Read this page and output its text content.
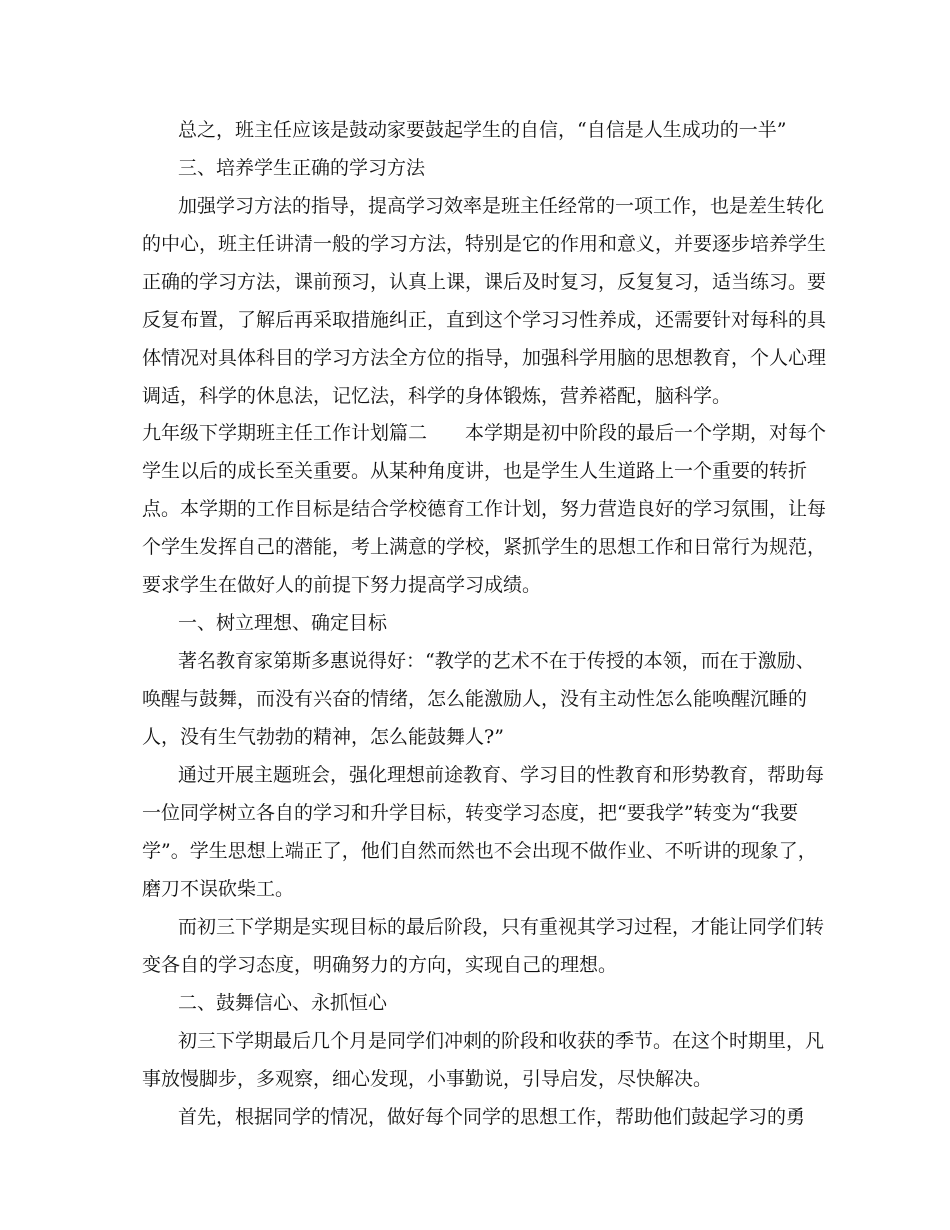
总之，班主任应该是鼓动家要鼓起学生的自信，“自信是人生成功的一半”
三、培养学生正确的学习方法
加强学习方法的指导，提高学习效率是班主任经常的一项工作，也是差生转化
的中心，班主任讲清一般的学习方法，特别是它的作用和意义，并要逐步培养学生
正确的学习方法，课前预习，认真上课，课后及时复习，反复复习，适当练习。要
反复布置，了解后再采取措施纠正，直到这个学习习性养成，还需要针对每科的具
体情况对具体科目的学习方法全方位的指导，加强科学用脑的思想教育，个人心理
调适，科学的休息法，记忆法，科学的身体锻炼，营养褡配，脑科学。
九年级下学期班主任工作计划篇二　　本学期是初中阶段的最后一个学期，对每个
学生以后的成长至关重要。从某种角度讲，也是学生人生道路上一个重要的转折
点。本学期的工作目标是结合学校德育工作计划，努力营造良好的学习氛围，让每
个学生发挥自己的潜能，考上满意的学校，紧抓学生的思想工作和日常行为规范，
要求学生在做好人的前提下努力提高学习成绩。
一、树立理想、确定目标
著名教育家第斯多惠说得好：“教学的艺术不在于传授的本领，而在于激励、
唤醒与鼓舞，而没有兴奋的情绪，怎么能激励人，没有主动性怎么能唤醒沉睡的
人，没有生气勃勃的精神，怎么能鼓舞人?”
通过开展主题班会，强化理想前途教育、学习目的性教育和形势教育，帮助每
一位同学树立各自的学习和升学目标，转变学习态度，把“要我学”转变为“我要
学”。学生思想上端正了，他们自然而然也不会出现不做作业、不听讲的现象了，
磨刀不误砍柴工。
而初三下学期是实现目标的最后阶段，只有重视其学习过程，才能让同学们转
变各自的学习态度，明确努力的方向，实现自己的理想。
二、鼓舞信心、永抓恒心
初三下学期最后几个月是同学们冲刺的阶段和收获的季节。在这个时期里，凡
事放慢脚步，多观察，细心发现，小事勤说，引导启发，尽快解决。
首先，根据同学的情况，做好每个同学的思想工作，帮助他们鼓起学习的勇
